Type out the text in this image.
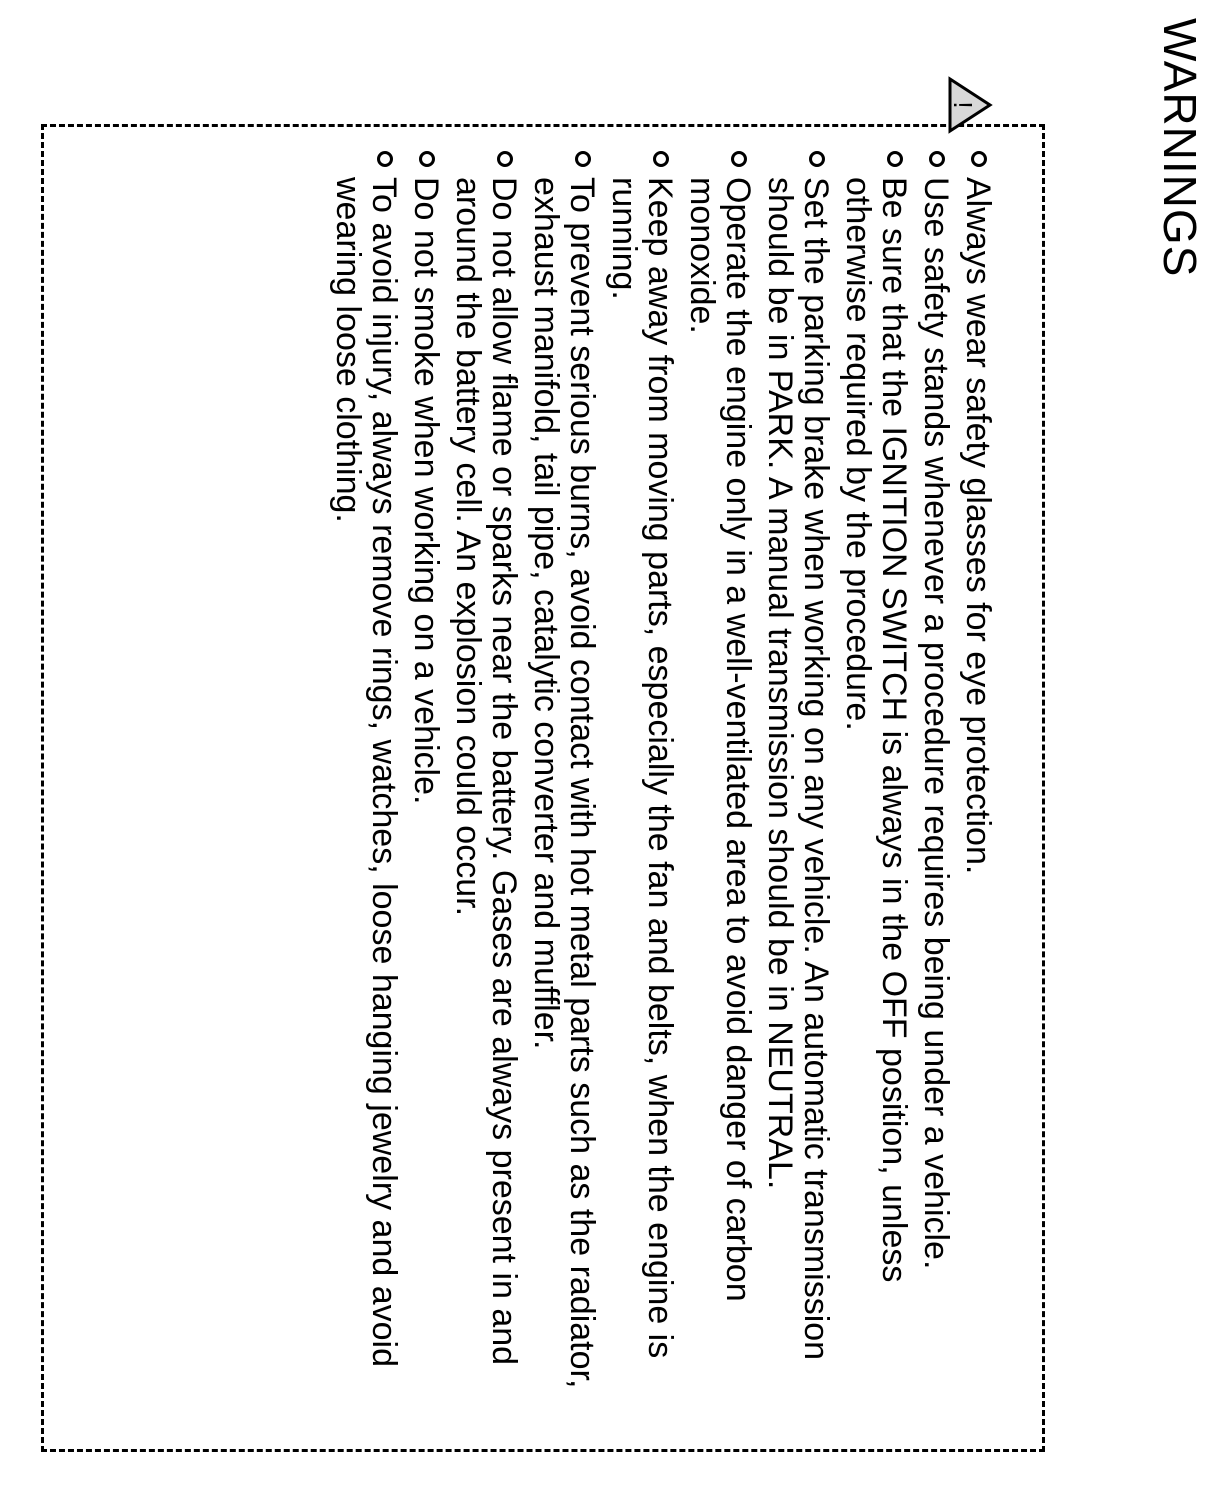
WARNINGS
!
Always wear safety glasses for eye protection.
Use safety stands whenever a procedure requires being under a vehicle.
Be sure that the IGNITION SWITCH is always in the OFF position, unless otherwise required by the procedure.
Set the parking brake when working on any vehicle. An automatic transmission should be in PARK. A manual transmission should be in NEUTRAL.
Operate the engine only in a well-ventilated area to avoid danger of carbon monoxide.
Keep away from moving parts, especially the fan and belts, when the engine is running.
To prevent serious burns, avoid contact with hot metal parts such as the radiator, exhaust manifold, tail pipe, catalytic converter and muffler.
Do not allow flame or sparks near the battery. Gases are always present in and around the battery cell. An explosion could occur.
Do not smoke when working on a vehicle.
To avoid injury, always remove rings, watches, loose hanging jewelry and avoid wearing loose clothing.
